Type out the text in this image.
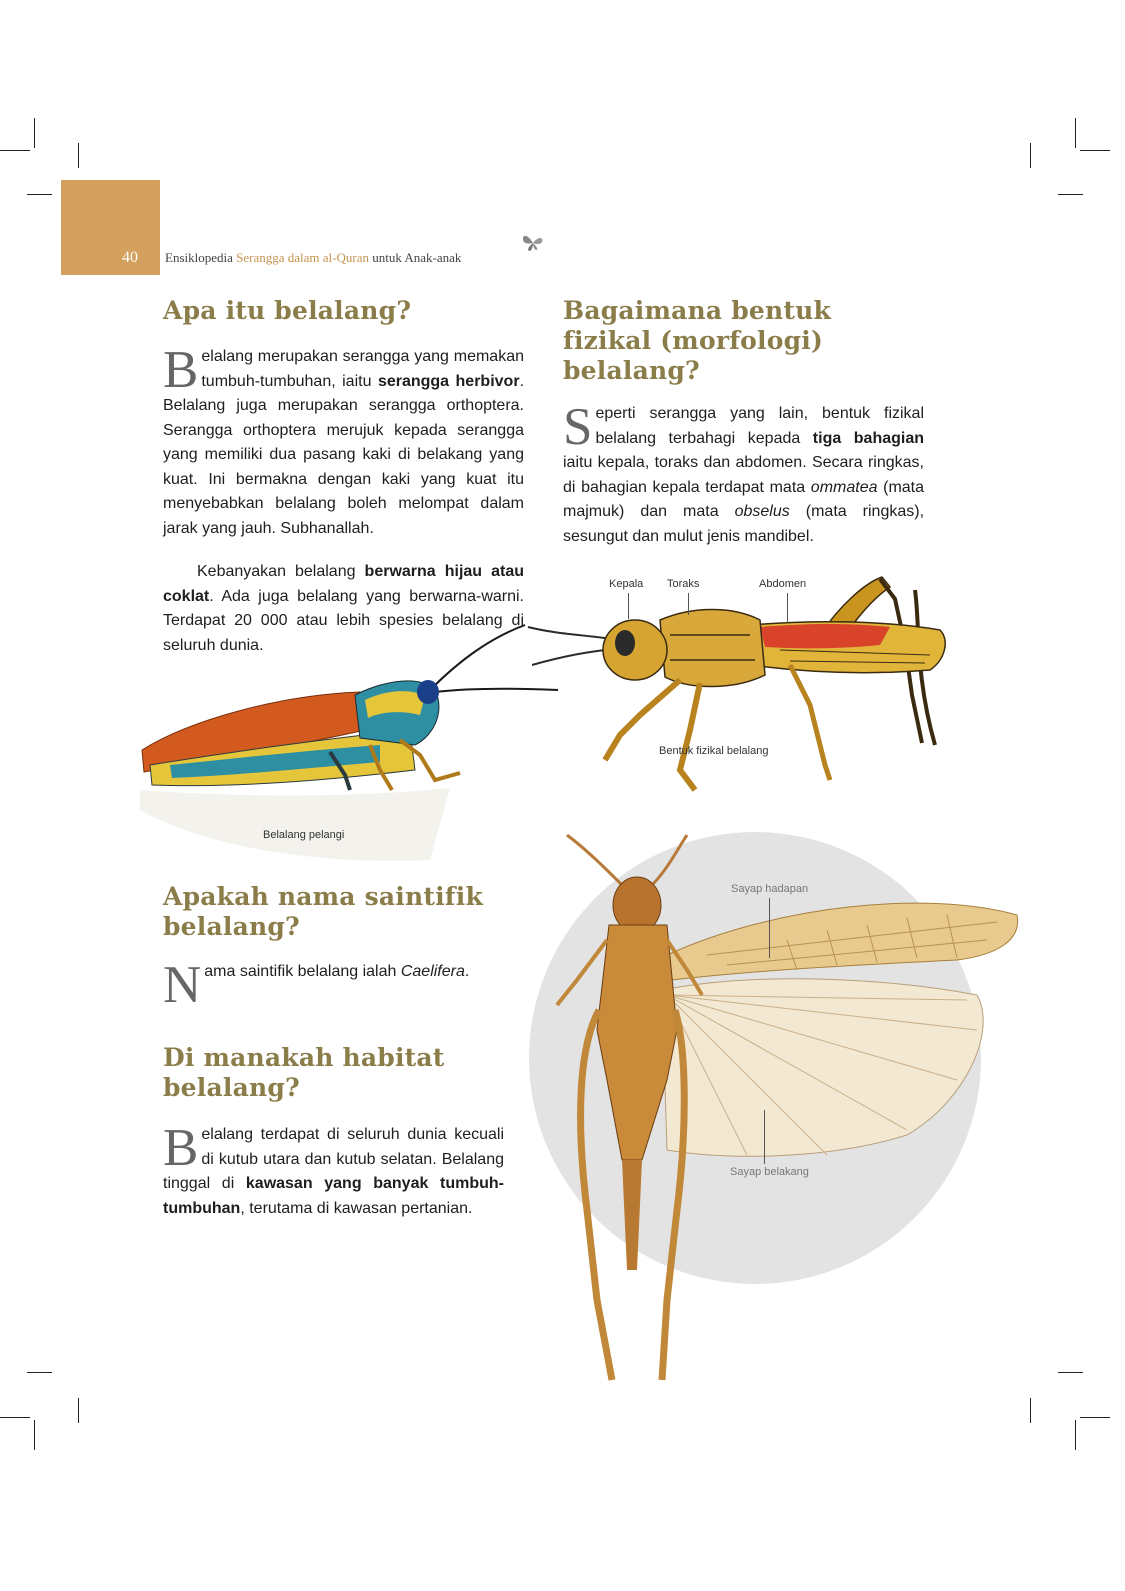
40 Ensiklopedia Serangga dalam al-Quran untuk Anak-anak
Apa itu belalang?

Belalang merupakan serangga yang memakan tumbuh-tumbuhan, iaitu serangga herbivor. Belalang juga merupakan serangga orthoptera. Serangga orthoptera merujuk kepada serangga yang memiliki dua pasang kaki di belakang yang kuat. Ini bermakna dengan kaki yang kuat itu menyebabkan belalang boleh melompat dalam jarak yang jauh. Subhanallah.

Kebanyakan belalang berwarna hijau atau coklat. Ada juga belalang yang berwarna-warni. Terdapat 20 000 atau lebih spesies belalang di seluruh dunia.

Bagaimana bentuk fizikal (morfologi) belalang?

Seperti serangga yang lain, bentuk fizikal belalang terbahagi kepada tiga bahagian iaitu kepala, toraks dan abdomen. Secara ringkas, di bahagian kepala terdapat mata ommatea (mata majmuk) dan mata obselus (mata ringkas), sesungut dan mulut jenis mandibel.

Kepala Toraks	Abdomen
Bentuk fizikal belalang
Belalang pelangi
Apakah nama saintifik belalang?

Nama saintifik belalang ialah Caelifera.

Di manakah habitat belalang?

Belalang terdapat di seluruh dunia kecuali di kutub utara dan kutub selatan. Belalang tinggal di kawasan yang banyak tumbuh-tumbuhan, terutama di kawasan pertanian.

Sayap hadapan
Sayap belakang
